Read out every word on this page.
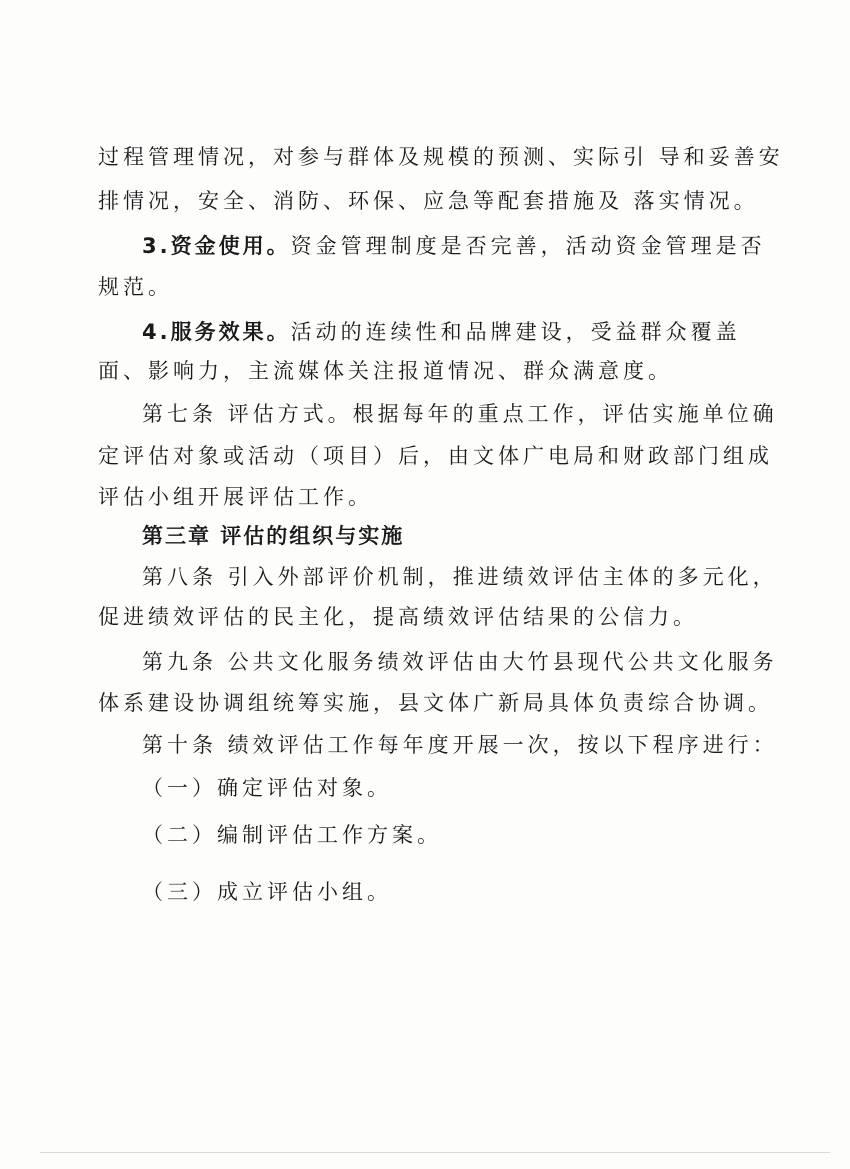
过程管理情况，对参与群体及规模的预测、实际引 导和妥善安
排情况，安全、消防、环保、应急等配套措施及 落实情况。
3.资金使用。资金管理制度是否完善，活动资金管理是否
规范。
4.服务效果。活动的连续性和品牌建设，受益群众覆盖
面、影响力，主流媒体关注报道情况、群众满意度。
第七条 评估方式。根据每年的重点工作，评估实施单位确
定评估对象或活动（项目）后，由文体广电局和财政部门组成
评估小组开展评估工作。
第三章 评估的组织与实施
第八条 引入外部评价机制，推进绩效评估主体的多元化，
促进绩效评估的民主化，提高绩效评估结果的公信力。
第九条 公共文化服务绩效评估由大竹县现代公共文化服务
体系建设协调组统筹实施，县文体广新局具体负责综合协调。
第十条 绩效评估工作每年度开展一次，按以下程序进行：
（一）确定评估对象。
（二）编制评估工作方案。
（三）成立评估小组。
